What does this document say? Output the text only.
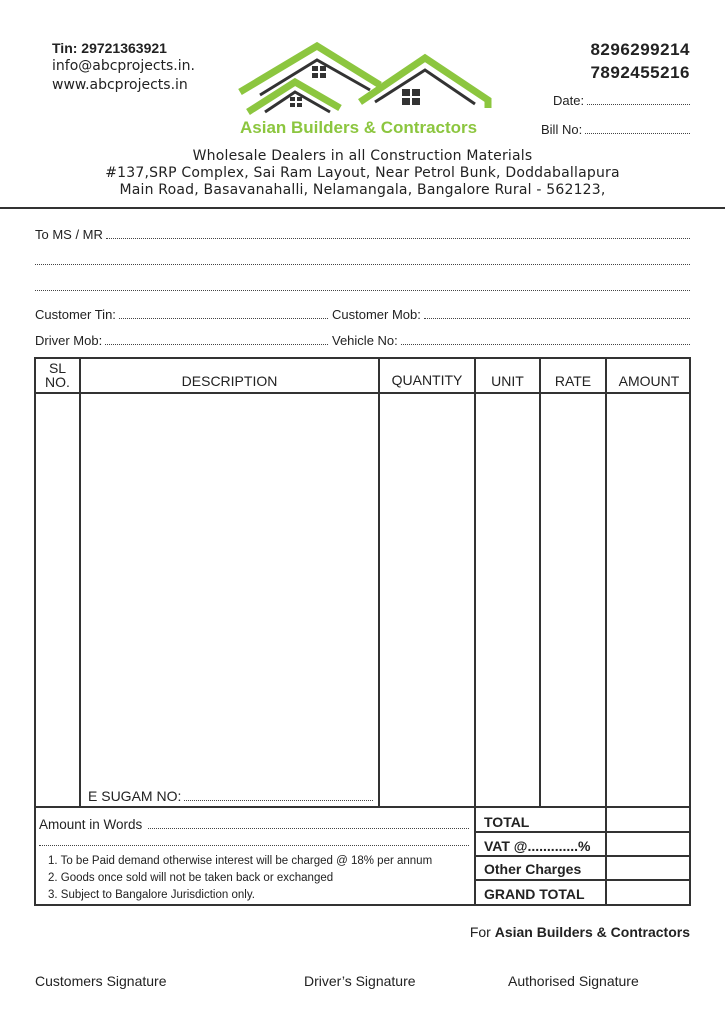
Tin: 29721363921
info@abcprojects.in.
www.abcprojects.in
Asian Builders & Contractors
8296299214
7892455216
Date:
Bill No:
Wholesale Dealers in all Construction Materials
#137,SRP Complex, Sai Ram Layout, Near Petrol Bunk, Doddaballapura
Main Road, Basavanahalli, Nelamangala, Bangalore Rural - 562123,
To MS / MR
Customer Tin:	Customer Mob:
Driver Mob:	Vehicle No:
SL NO.	DESCRIPTION	QUANTITY	UNIT	RATE	AMOUNT
E SUGAM NO:
Amount in Words
1. To be Paid demand otherwise interest will be charged @ 18% per annum
2. Goods once sold will not be taken back or exchanged
3. Subject to Bangalore Jurisdiction only.
TOTAL
VAT @.............%
Other Charges
GRAND TOTAL
For Asian Builders & Contractors
Customers Signature	Driver’s Signature	Authorised Signature
